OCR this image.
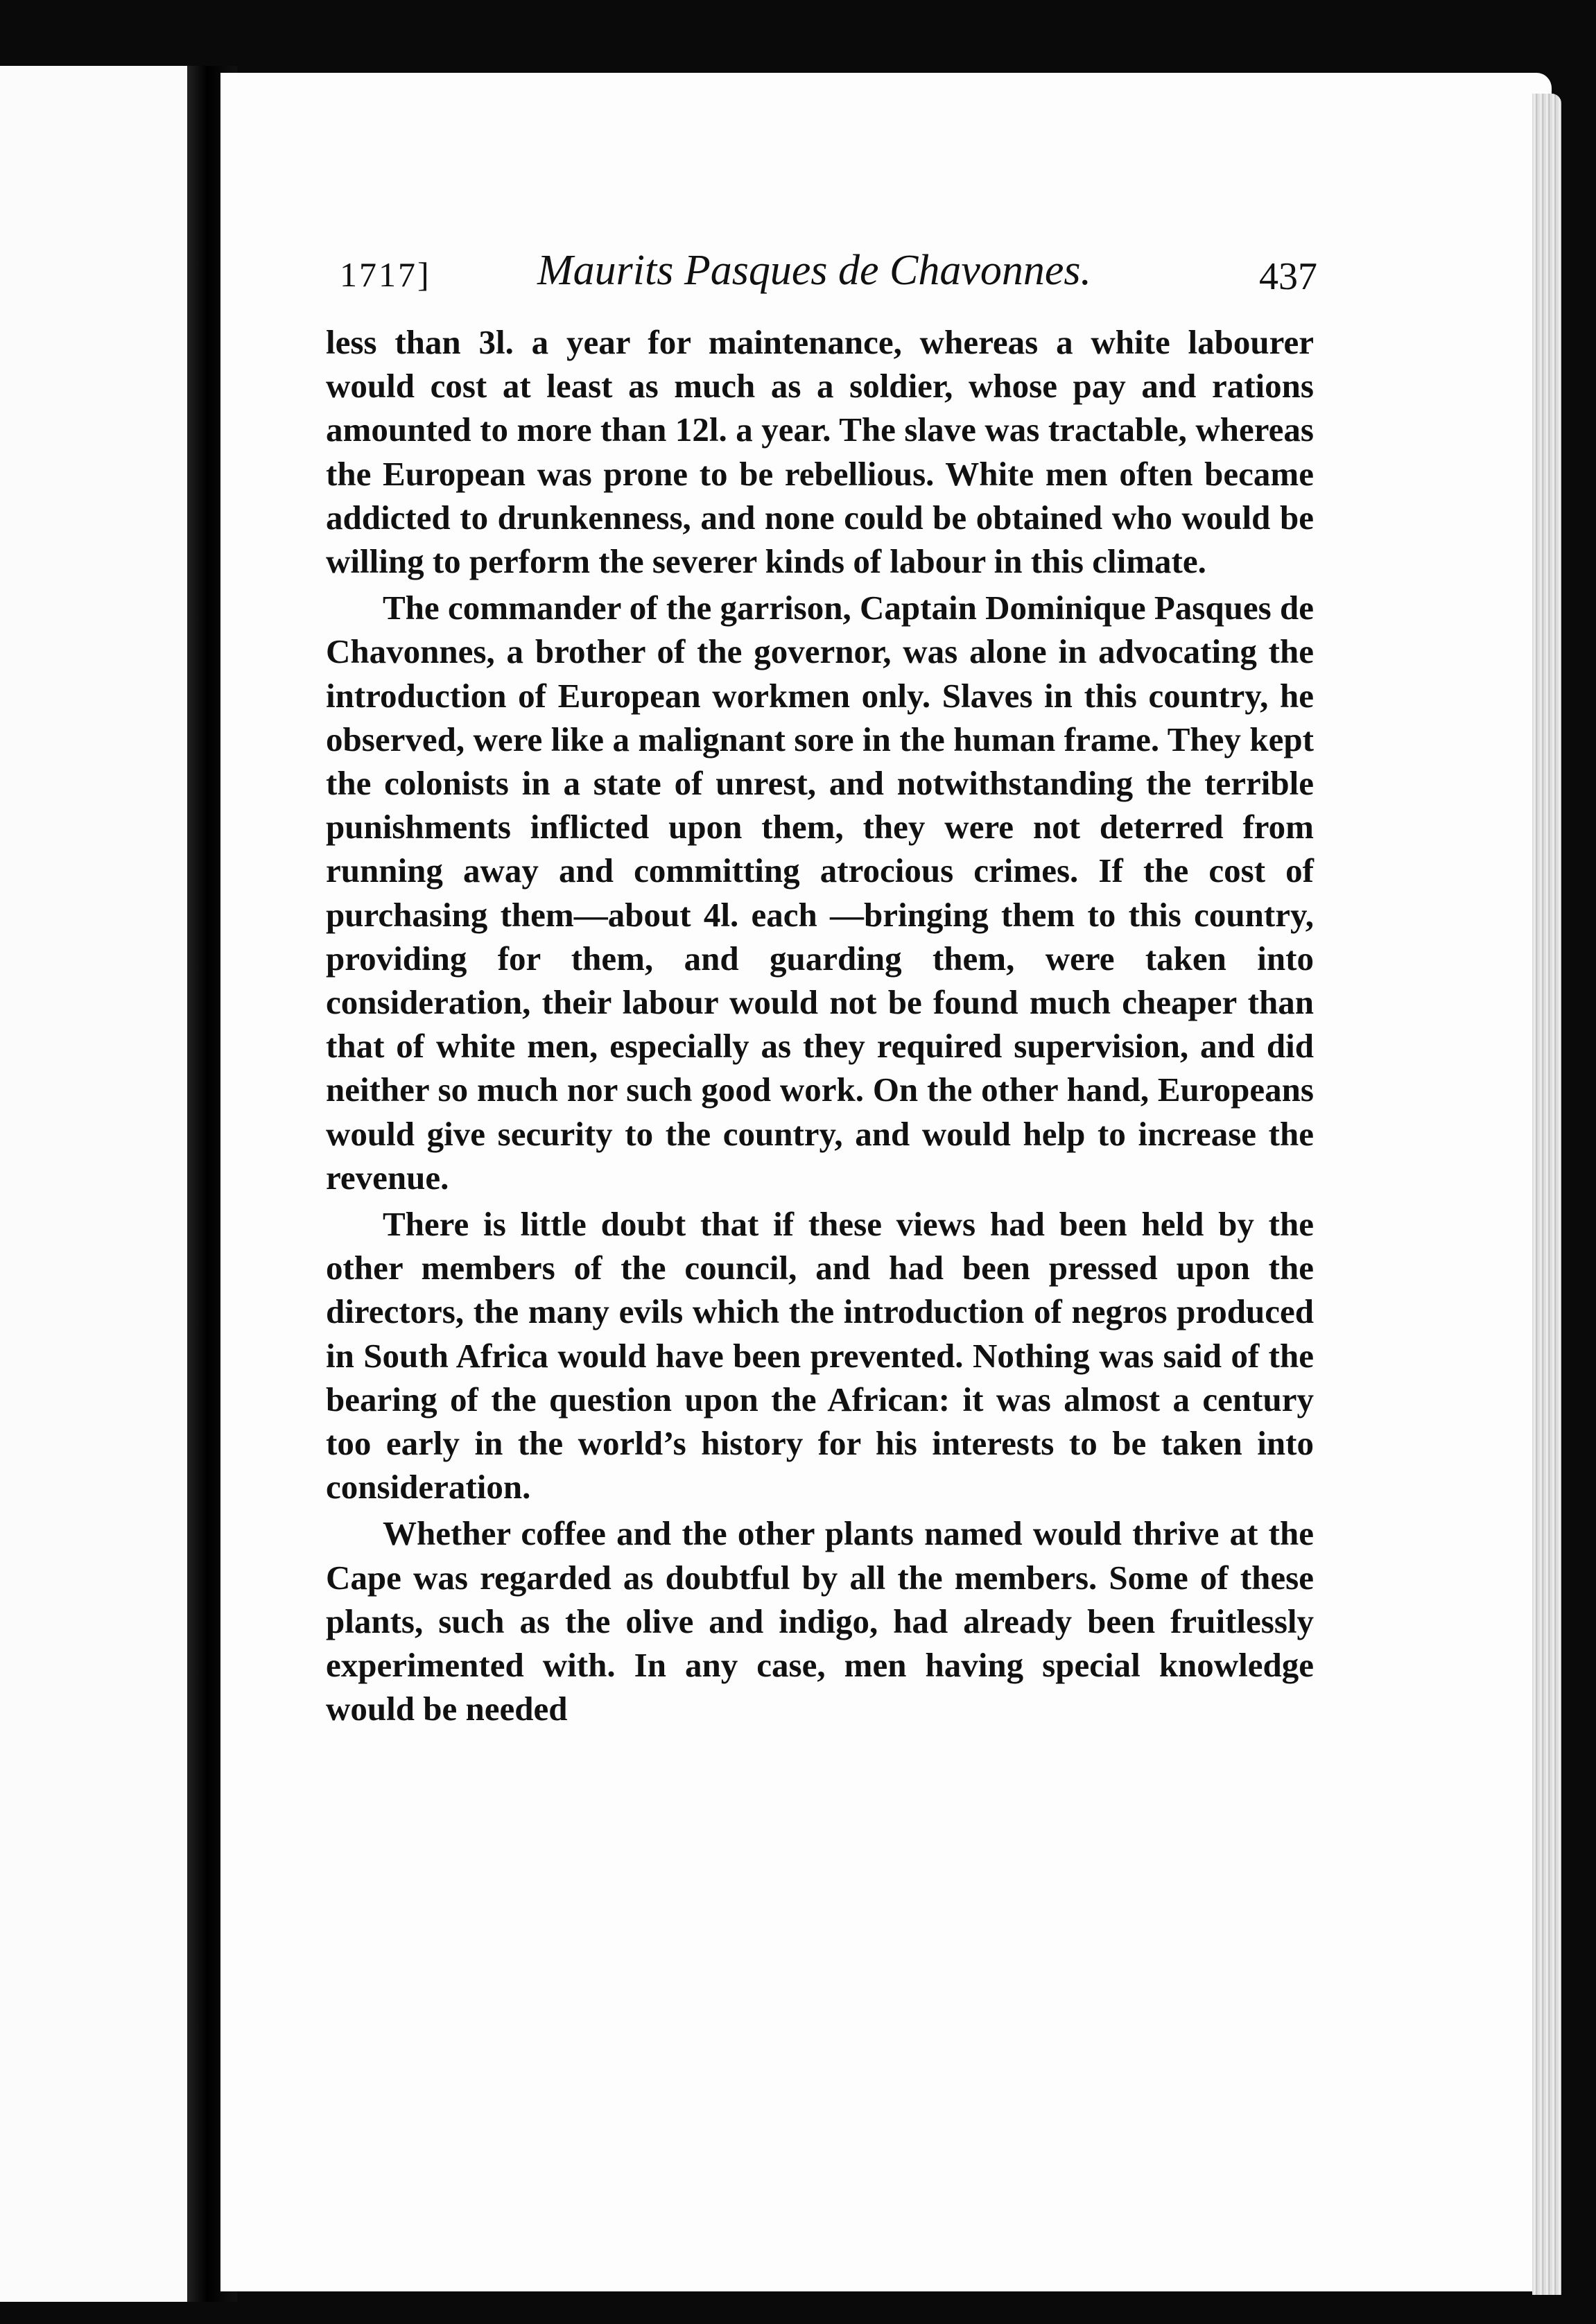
1717] Maurits Pasques de Chavonnes.	437

less than 3l. a year for maintenance, whereas a white labourer would cost at least as much as a soldier, whose pay and rations amounted to more than 12l. a year. The slave was tractable, whereas the European was prone to be rebellious. White men often became addicted to drunkenness, and none could be obtained who would be willing to perform the severer kinds of labour in this climate.

The commander of the garrison, Captain Dominique Pasques de Chavonnes, a brother of the governor, was alone in advocating the introduction of European workmen only. Slaves in this country, he observed, were like a malignant sore in the human frame. They kept the colonists in a state of unrest, and notwithstanding the terrible punishments inflicted upon them, they were not deterred from running away and committing atrocious crimes. If the cost of purchasing them—about 4l. each —bringing them to this country, providing for them, and guarding them, were taken into consideration, their labour would not be found much cheaper than that of white men, especially as they required supervision, and did neither so much nor such good work. On the other hand, Europeans would give security to the country, and would help to increase the revenue.

There is little doubt that if these views had been held by the other members of the council, and had been pressed upon the directors, the many evils which the introduction of negros produced in South Africa would have been prevented. Nothing was said of the bearing of the question upon the African: it was almost a century too early in the world’s history for his interests to be taken into consideration.

Whether coffee and the other plants named would thrive at the Cape was regarded as doubtful by all the members. Some of these plants, such as the olive and indigo, had already been fruitlessly experimented with. In any case, men having special knowledge would be needed
